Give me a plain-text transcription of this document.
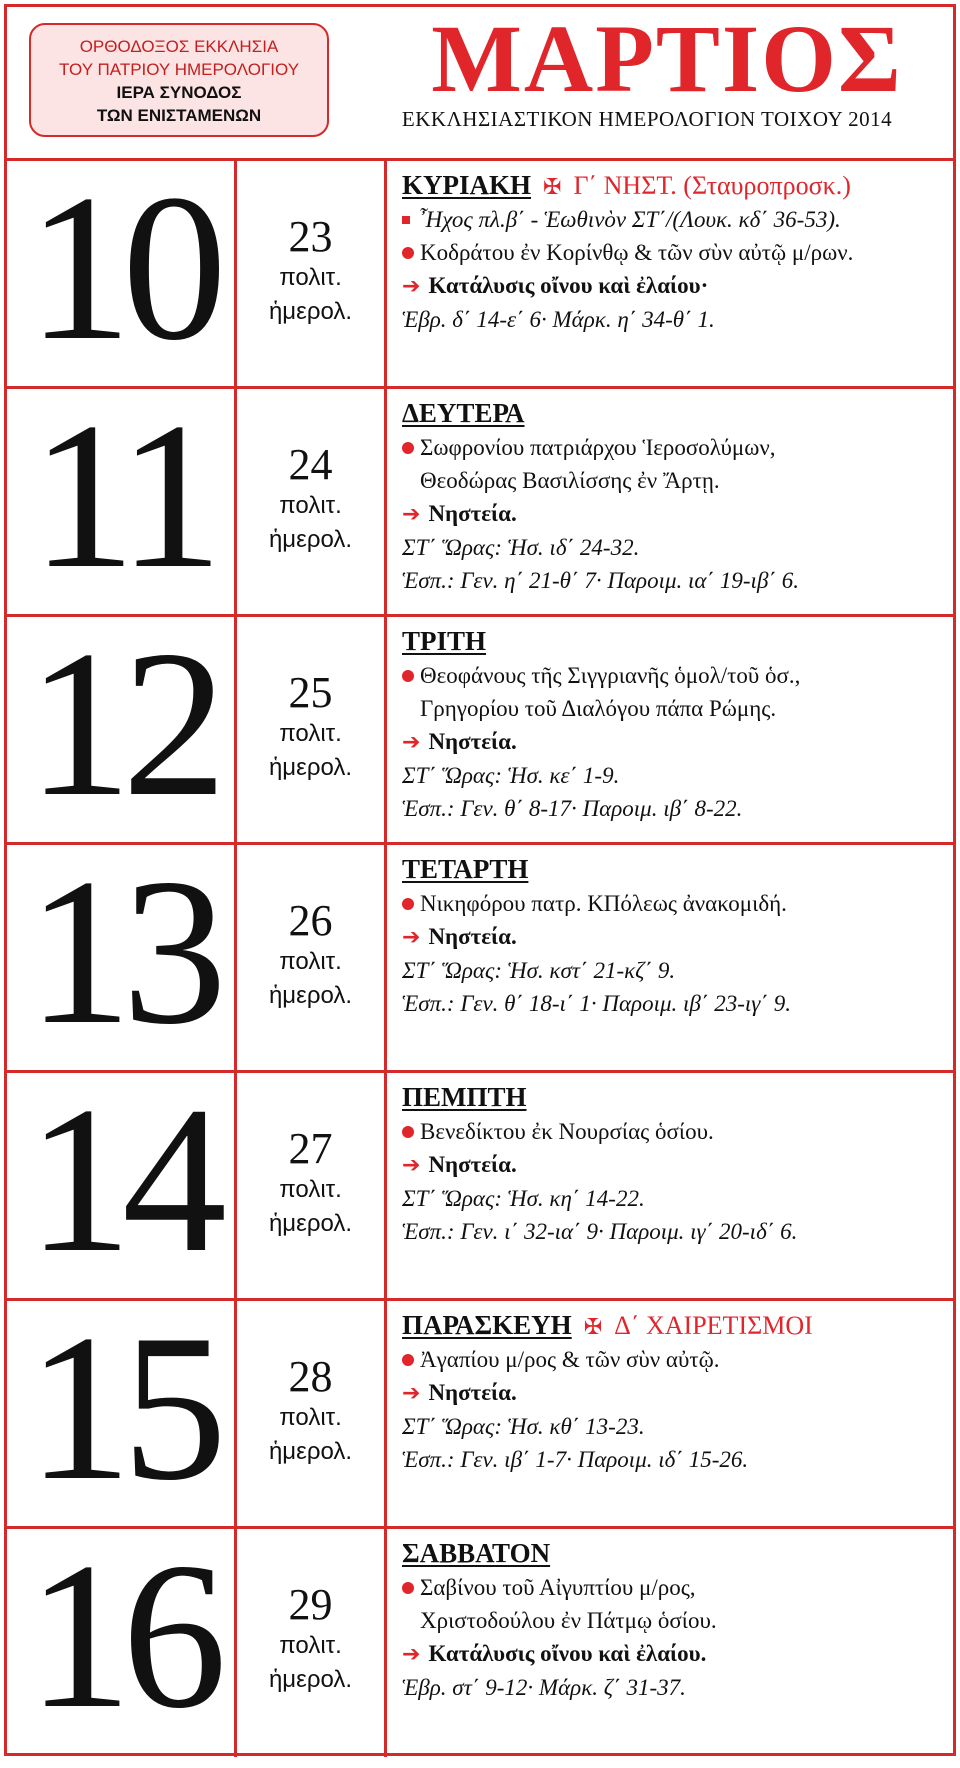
ΟΡΘΟΔΟΞΟΣ ΕΚΚΛΗΣΙΑ
ΤΟΥ ΠΑΤΡΙΟΥ ΗΜΕΡΟΛΟΓΙΟΥ
ΙΕΡΑ ΣΥΝΟΔΟΣ
ΤΩΝ ΕΝΙΣΤΑΜΕΝΩΝ
ΜΑΡΤΙΟΣ
ΕΚΚΛΗΣΙΑΣΤΙΚΟΝ ΗΜΕΡΟΛΟΓΙΟΝ ΤΟΙΧΟΥ 2014
10	23
πολιτ.
ἡμερολ.
ΚΥΡΙΑΚΗ ✠ Γ΄ ΝΗΣΤ. (Σταυροπροσκ.)
῏Ηχος πλ.β΄ - Ἑωθινὸν ΣΤ΄/(Λουκ. κδ΄ 36-53).
Κοδράτου ἐν Κορίνθῳ & τῶν σὺν αὐτῷ μ/ρων.
➔ Κατάλυσις οἴνου καὶ ἐλαίου·
Ἑβρ. δ΄ 14-ε΄ 6· Μάρκ. η΄ 34-θ΄ 1.
11	24
πολιτ.
ἡμερολ.
ΔΕΥΤΕΡΑ
Σωφρονίου πατριάρχου Ἱεροσολύμων,
Θεοδώρας Βασιλίσσης ἐν Ἄρτῃ.
➔ Νηστεία.
ΣΤ΄ Ὥρας: Ἡσ. ιδ΄ 24-32.
Ἑσπ.: Γεν. η΄ 21-θ΄ 7· Παροιμ. ια΄ 19-ιβ΄ 6.
12	25
πολιτ.
ἡμερολ.
ΤΡΙΤΗ
Θεοφάνους τῆς Σιγγριανῆς ὁμολ/τοῦ ὁσ.,
Γρηγορίου τοῦ Διαλόγου πάπα Ρώμης.
➔ Νηστεία.
ΣΤ΄ Ὥρας: Ἡσ. κε΄ 1-9.
Ἑσπ.: Γεν. θ΄ 8-17· Παροιμ. ιβ΄ 8-22.
13	26
πολιτ.
ἡμερολ.
ΤΕΤΑΡΤΗ
Νικηφόρου πατρ. ΚΠόλεως ἀνακομιδή.
➔ Νηστεία.
ΣΤ΄ Ὥρας: Ἡσ. κστ΄ 21-κζ΄ 9.
Ἑσπ.: Γεν. θ΄ 18-ι΄ 1· Παροιμ. ιβ΄ 23-ιγ΄ 9.
14	27
πολιτ.
ἡμερολ.
ΠΕΜΠΤΗ
Βενεδίκτου ἐκ Νουρσίας ὁσίου.
➔ Νηστεία.
ΣΤ΄ Ὥρας: Ἡσ. κη΄ 14-22.
Ἑσπ.: Γεν. ι΄ 32-ια΄ 9· Παροιμ. ιγ΄ 20-ιδ΄ 6.
15	28
πολιτ.
ἡμερολ.
ΠΑΡΑΣΚΕΥΗ ✠ Δ΄ ΧΑΙΡΕΤΙΣΜΟΙ
Ἀγαπίου μ/ρος & τῶν σὺν αὐτῷ.
➔ Νηστεία.
ΣΤ΄ Ὥρας: Ἡσ. κθ΄ 13-23.
Ἑσπ.: Γεν. ιβ΄ 1-7· Παροιμ. ιδ΄ 15-26.
16	29
πολιτ.
ἡμερολ.
ΣΑΒΒΑΤΟΝ
Σαβίνου τοῦ Αἰγυπτίου μ/ρος,
Χριστοδούλου ἐν Πάτμῳ ὁσίου.
➔ Κατάλυσις οἴνου καὶ ἐλαίου.
Ἑβρ. στ΄ 9-12· Μάρκ. ζ΄ 31-37.
